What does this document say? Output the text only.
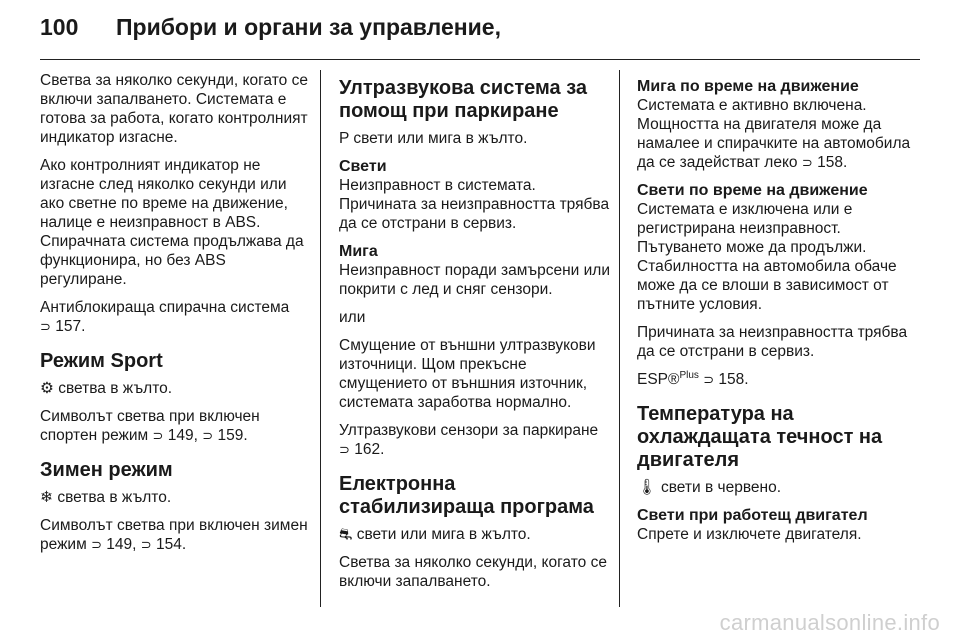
100 Прибори и органи за управление,

Светва за няколко секунди, когато се включи запалването. Системата е готова за работа, когато контролният индикатор изгасне.

Ако контролният индикатор не изгасне след няколко секунди или ако светне по време на движение, налице е неизправност в ABS. Спирачната система продължава да функционира, но без ABS регулиране.

Антиблокираща спирачна система
⊃ 157.

Режим Sport

⚙ светва в жълто.

Символът светва при включен спортен режим ⊃ 149, ⊃ 159.

Зимен режим

❄ светва в жълто.

Символът светва при включен зимен режим ⊃ 149, ⊃ 154.

Ултразвукова система за помощ при паркиране

P свети или мига в жълто.

Свети

Неизправност в системата. Причината за неизправността трябва да се отстрани в сервиз.

Мига

Неизправност поради замърсени или покрити с лед и сняг сензори.

или

Смущение от външни ултразвукови източници. Щом прекъсне смущението от външния източник, системата заработва нормално.

Ултразвукови сензори за паркиране ⊃ 162.

Електронна стабилизираща програма

⛐ свети или мига в жълто.

Светва за няколко секунди, когато се включи запалването.

Мига по време на движение

Системата е активно включена. Мощността на двигателя може да намалее и спирачките на автомобила да се задействат леко ⊃ 158.

Свети по време на движение

Системата е изключена или е регистрирана неизправност. Пътуването може да продължи. Стабилността на автомобила обаче може да се влоши в зависимост от пътните условия.

Причината за неизправността трябва да се отстрани в сервиз.

ESP®$^{Plus}$ ⊃ 158.

Температура на охлаждащата течност на двигателя

🌡 свети в червено.

Свети при работещ двигател

Спрете и изключете двигателя.

carmanualsonline.info
